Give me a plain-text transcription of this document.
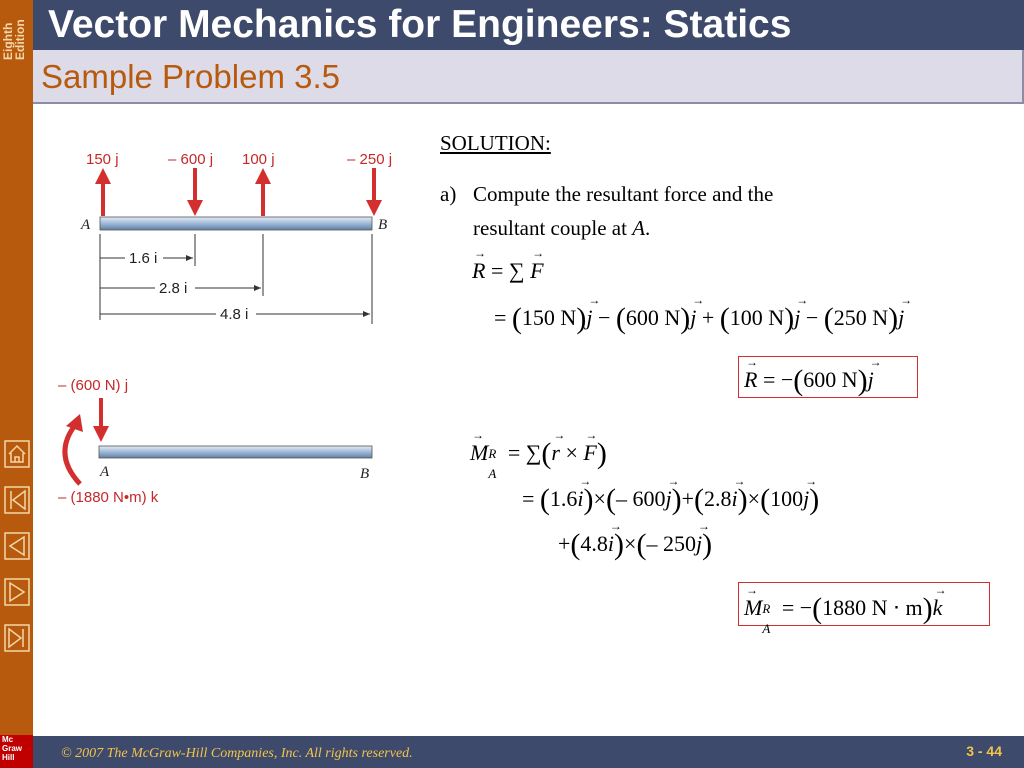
Eighth
Edition
Mc
Graw
Hill
Vector Mechanics for Engineers: Statics
Sample Problem 3.5
150 j	– 600 j 100 j	– 250 j
A	B
1.6 i
2.8 i
4.8 i
– (600 N) j
A	B
– (1880 N•m) k
SOLUTION:
a) Compute the resultant force and the
resultant couple at A.
→ R = ∑ → F
= (150 N)→ j − (600 N)→ j + (100 N)→ j − (250 N)→ j
→ R = −(600 N)→ j
→ M R
A
= ∑(→ r × → F)
= (1.6→ i)×(– 600→ j)+(2.8→ i)×(100→ j)
+(4.8→ i)×(– 250→ j)
→ M R
A
= −(1880 N ⋅ m)→ k
© 2007 The McGraw-Hill Companies, Inc. All rights reserved.	3 - 44
